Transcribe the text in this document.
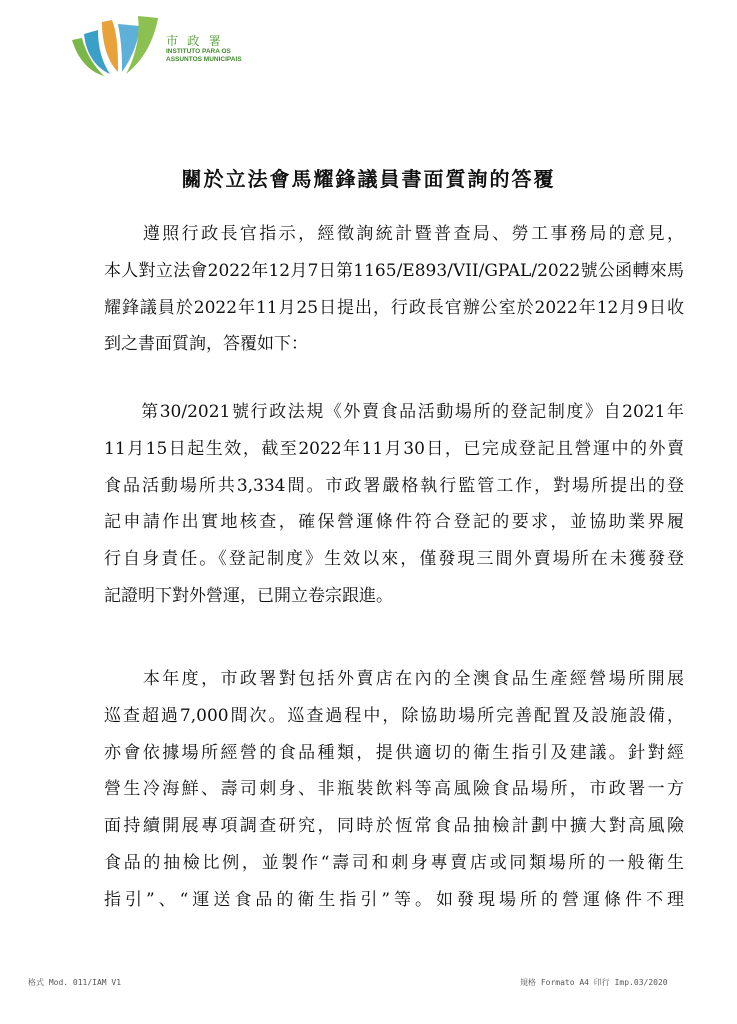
市 政 署
INSTITUTO PARA OS
ASSUNTOS MUNICIPAIS
關於立法會馬耀鋒議員書面質詢的答覆
　　遵照行政長官指示，經徵詢統計暨普查局、勞工事務局的意見，
本人對立法會2022年12月7日第1165/E893/VII/GPAL/2022號公函轉來馬
耀鋒議員於2022年11月25日提出，行政長官辦公室於2022年12月9日收
到之書面質詢，答覆如下：
　　第30/2021號行政法規《外賣食品活動場所的登記制度》自2021年
11月15日起生效，截至2022年11月30日，已完成登記且營運中的外賣
食品活動場所共3,334間。市政署嚴格執行監管工作，對場所提出的登
記申請作出實地核查，確保營運條件符合登記的要求，並協助業界履
行自身責任。《登記制度》生效以來，僅發現三間外賣場所在未獲發登
記證明下對外營運，已開立卷宗跟進。
　　本年度，市政署對包括外賣店在內的全澳食品生產經營場所開展
巡查超過7,000間次。巡查過程中，除協助場所完善配置及設施設備，
亦會依據場所經營的食品種類，提供適切的衛生指引及建議。針對經
營生冷海鮮、壽司刺身、非瓶裝飲料等高風險食品場所，市政署一方
面持續開展專項調查研究，同時於恆常食品抽檢計劃中擴大對高風險
食品的抽檢比例，並製作“壽司和刺身專賣店或同類場所的一般衛生
指引”、“運送食品的衛生指引”等。如發現場所的營運條件不理
格式 Mod. 011/IAM V1	規格 Formato A4 印行 Imp.03/2020
